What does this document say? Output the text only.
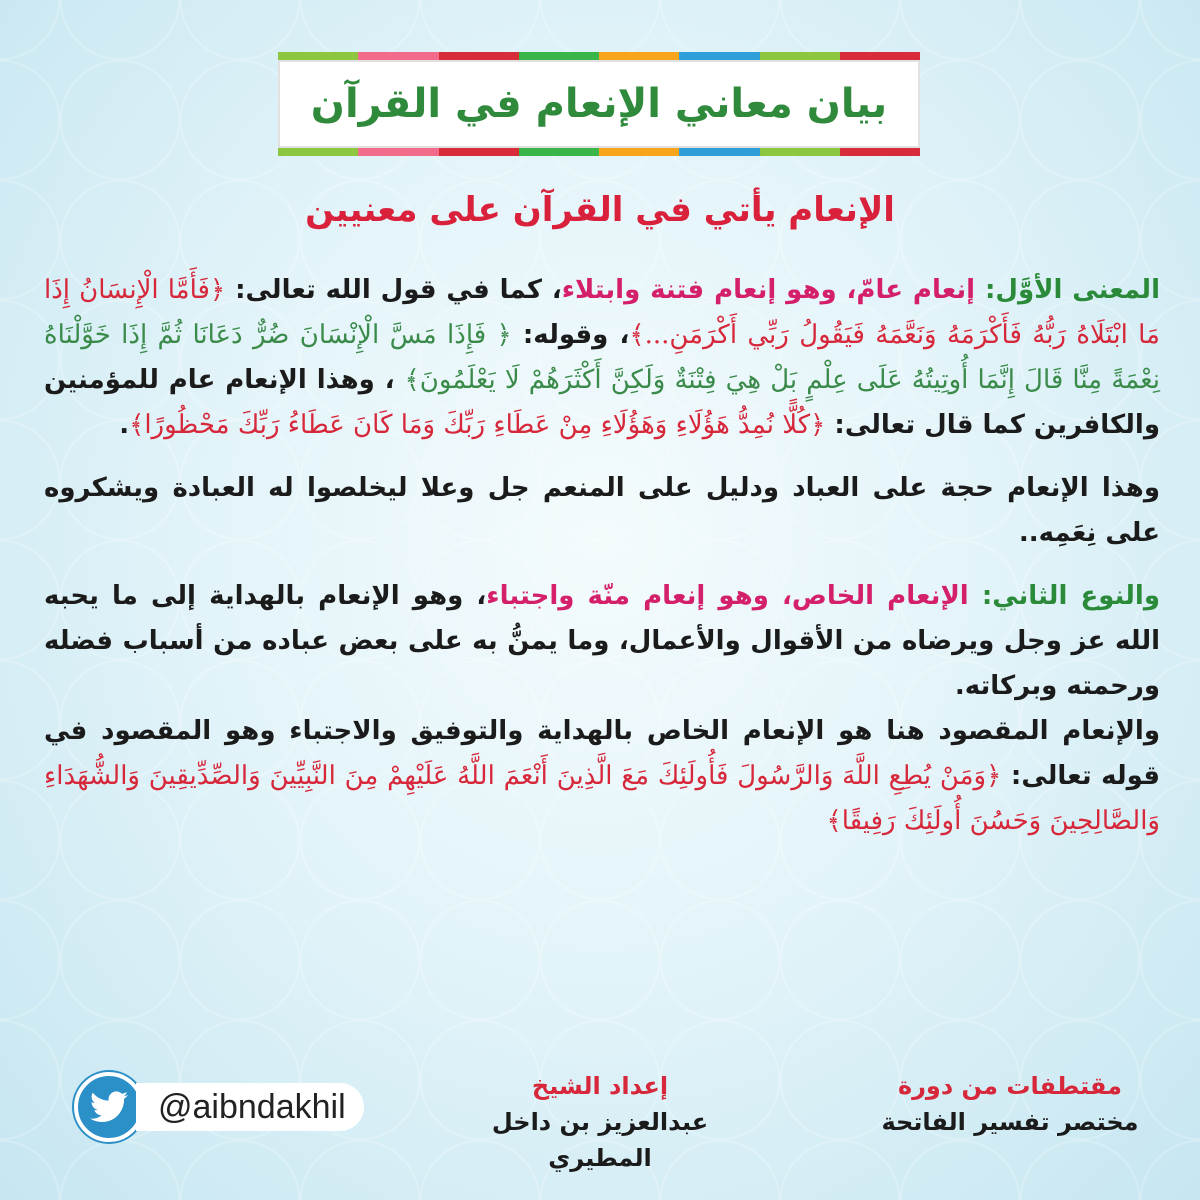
بيان معاني الإنعام في القرآن
الإنعام يأتي في القرآن على معنيين

المعنى الأوَّل: إنعام عامّ، وهو إنعام فتنة وابتلاء، كما في قول الله تعالى: ﴿فَأَمَّا الْإِنسَانُ إِذَا مَا ابْتَلَاهُ رَبُّهُ فَأَكْرَمَهُ وَنَعَّمَهُ فَيَقُولُ رَبِّي أَكْرَمَنِ...﴾، وقوله: ﴿ فَإِذَا مَسَّ الْإِنْسَانَ ضُرٌّ دَعَانَا ثُمَّ إِذَا خَوَّلْنَاهُ نِعْمَةً مِنَّا قَالَ إِنَّمَا أُوتِيتُهُ عَلَى عِلْمٍ بَلْ هِيَ فِتْنَةٌ وَلَكِنَّ أَكْثَرَهُمْ لَا يَعْلَمُونَ﴾ ، وهذا الإنعام عام للمؤمنين والكافرين كما قال تعالى: ﴿كُلًّا نُمِدُّ هَؤُلَاءِ وَهَؤُلَاءِ مِنْ عَطَاءِ رَبِّكَ وَمَا كَانَ عَطَاءُ رَبِّكَ مَحْظُورًا﴾.

وهذا الإنعام حجة على العباد ودليل على المنعم جل وعلا ليخلصوا له العبادة ويشكروه على نِعَمِه..

والنوع الثاني: الإنعام الخاص، وهو إنعام منّة واجتباء، وهو الإنعام بالهداية إلى ما يحبه الله عز وجل ويرضاه من الأقوال والأعمال، وما يمنُّ به على بعض عباده من أسباب فضله ورحمته وبركاته.

والإنعام المقصود هنا هو الإنعام الخاص بالهداية والتوفيق والاجتباء وهو المقصود في قوله تعالى: ﴿وَمَنْ يُطِعِ اللَّهَ وَالرَّسُولَ فَأُولَئِكَ مَعَ الَّذِينَ أَنْعَمَ اللَّهُ عَلَيْهِمْ مِنَ النَّبِيِّينَ وَالصِّدِّيقِينَ وَالشُّهَدَاءِ وَالصَّالِحِينَ وَحَسُنَ أُولَئِكَ رَفِيقًا﴾

@aibndakhil
إعداد الشيخ
عبدالعزيز بن داخل المطيري
مقتطفات من دورة
مختصر تفسير الفاتحة
